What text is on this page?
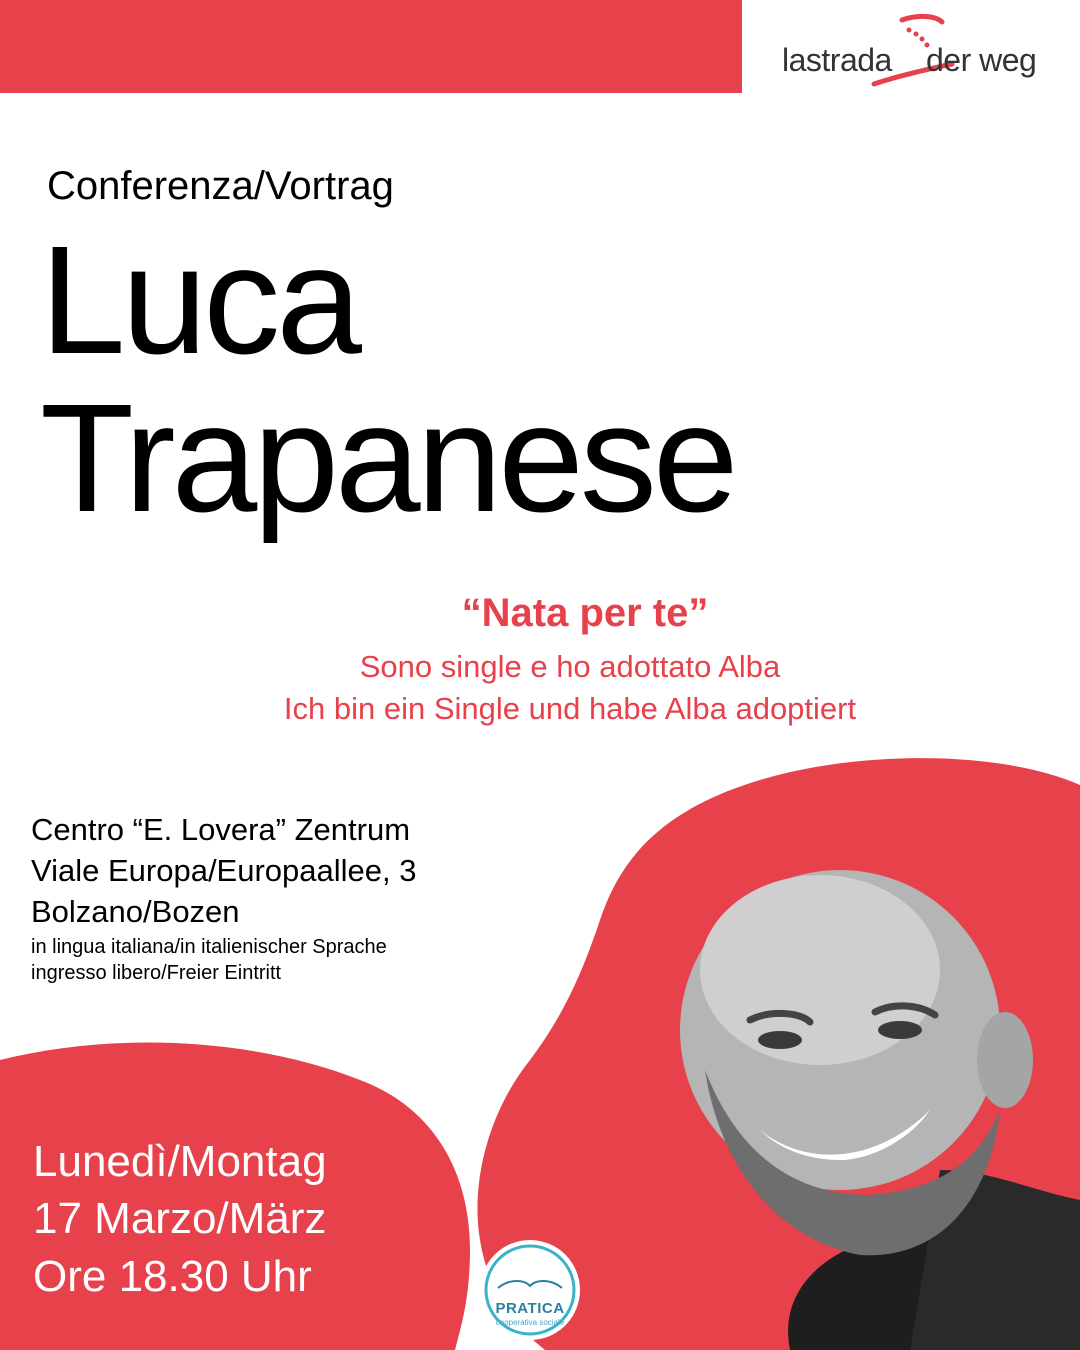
lastrada der weg
Conferenza/Vortrag
Luca
Trapanese
“Nata per te”
Sono single e ho adottato Alba
Ich bin ein Single und habe Alba adoptiert
Centro “E. Lovera” Zentrum
Viale Europa/Europaallee, 3
Bolzano/Bozen
in lingua italiana/in italienischer Sprache
ingresso libero/Freier Eintritt
Lunedì/Montag
17 Marzo/März
Ore 18.30 Uhr
PRATICA
cooperativa sociale
